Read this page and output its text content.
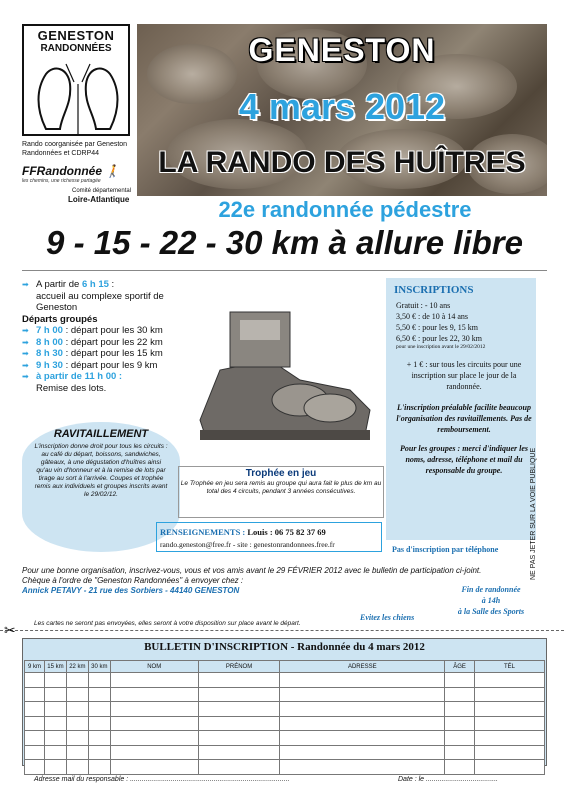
GENESTON
RANDONNÉES
Rando coorganisée par Geneston Randonnées et CDRP44
FFRandonnée 🚶
les chemins, une richesse partagée
Comité départemental
Loire-Atlantique
GENESTON
4 mars 2012
LA RANDO DES HUÎTRES
22e randonnée pédestre
9 - 15 - 22 - 30 km à allure libre
➡ A partir de 6 h 15 :
accueil au complexe sportif de Geneston
Départs groupés
➡ 7 h 00 : départ pour les 30 km
➡ 8 h 00 : départ pour les 22 km
➡ 8 h 30 : départ pour les 15 km
➡ 9 h 30 : départ pour les 9 km
➡ à partir de 11 h 00 :
Remise des lots.
RAVITAILLEMENT
L'inscription donne droit pour tous les circuits : au café du départ, boissons, sandwiches, gâteaux, à une dégustation d'huîtres ainsi qu'au vin d'honneur et à la remise de lots par tirage au sort à l'arrivée. Coupes et trophée remis aux individuels et groupes inscrits avant le 29/02/12.
Trophée en jeu
Le Trophée en jeu sera remis au groupe qui aura fait le plus de km au total des 4 circuits, pendant 3 années consécutives.
RENSEIGNEMENTS : Louis : 06 75 82 37 69
rando.geneston@free.fr - site : genestonrandonnees.free.fr
INSCRIPTIONS
Gratuit : - 10 ans
3,50 € : de 10 à 14 ans
5,50 € : pour les 9, 15 km
6,50 € : pour les 22, 30 km
pour une inscription avant le 29/02/2012
+ 1 € : sur tous les circuits pour une inscription sur place le jour de la randonnée.
L'inscription préalable facilite beaucoup l'organisation des ravitaillements. Pas de remboursement.
Pour les groupes : merci d'indiquer les noms, adresse, téléphone et mail du responsable du groupe.
Pas d'inscription par téléphone	NE PAS JETER SUR LA VOIE PUBLIQUE
Pour une bonne organisation, inscrivez-vous, vous et vos amis avant le 29 FÉVRIER 2012 avec le bulletin de participation ci-joint.
Chèque à l'ordre de "Geneston Randonnées" à envoyer chez :
Annick PETAVY - 21 rue des Sorbiers - 44140 GENESTON	Fin de randonnée
à 14h
à la Salle des Sports
Les cartes ne seront pas envoyées, elles seront à votre disposition sur place avant le départ.
Evitez les chiens
✂
BULLETIN D'INSCRIPTION - Randonnée du 4 mars 2012
9 km	15 km	22 km	30 km	NOM	PRÉNOM	ADRESSE	ÂGE	TÉL

Adresse mail du responsable : ..................................................................................	Date : le .....................................
